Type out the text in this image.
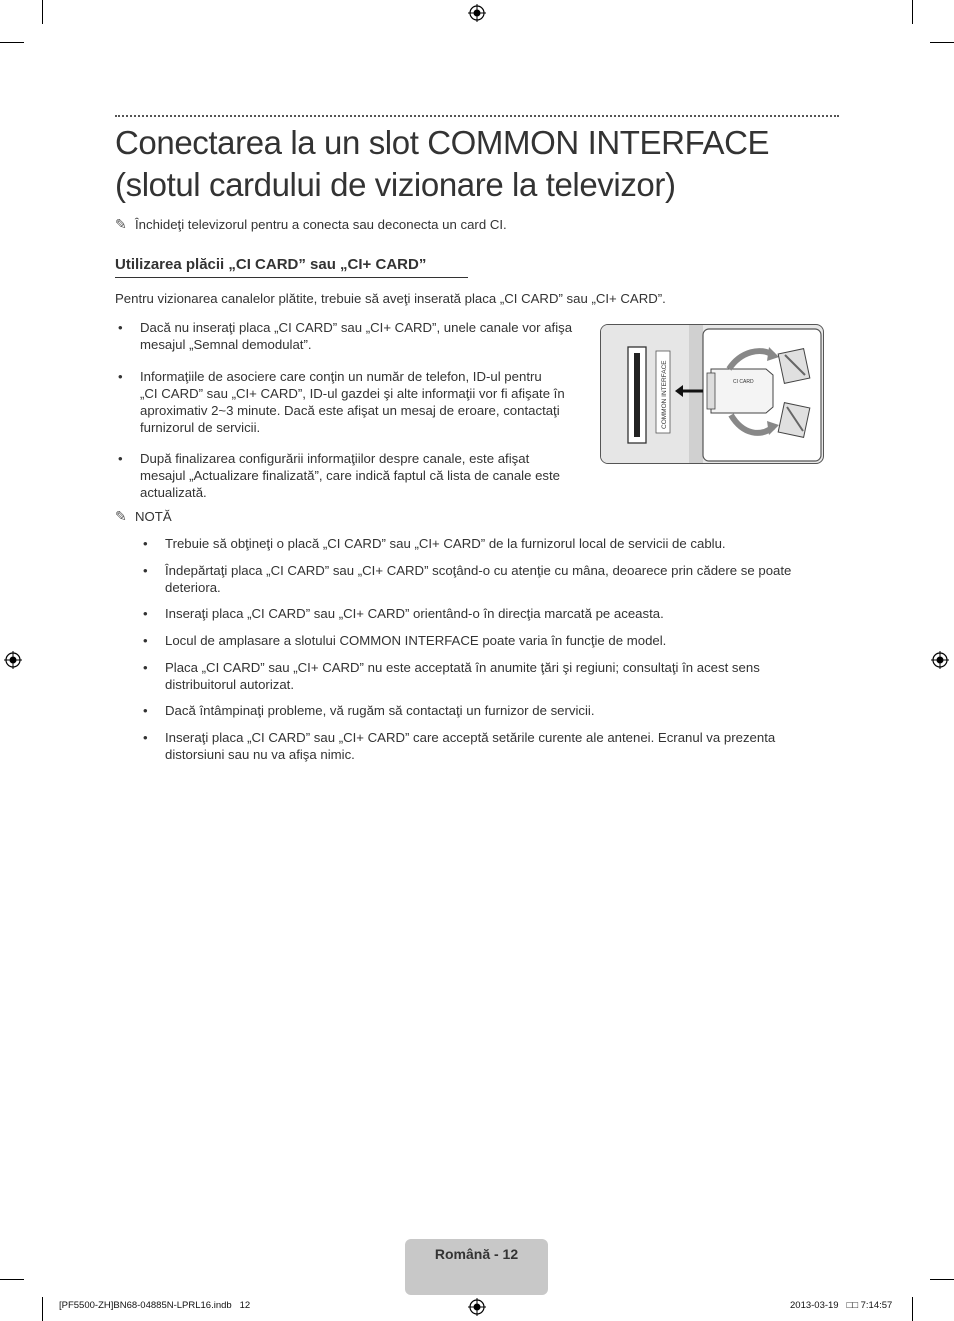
Conectarea la un slot COMMON INTERFACE (slotul cardului de vizionare la televizor)
✎ Închideţi televizorul pentru a conecta sau deconecta un card CI.
Utilizarea plăcii „CI CARD” sau „CI+ CARD”
Pentru vizionarea canalelor plătite, trebuie să aveţi inserată placa „CI CARD” sau „CI+ CARD”.
• Dacă nu inseraţi placa „CI CARD” sau „CI+ CARD”, unele canale vor afişa
mesajul „Semnal demodulat”.
• Informaţiile de asociere care conţin un număr de telefon, ID-ul pentru
„CI CARD” sau „CI+ CARD”, ID-ul gazdei şi alte informaţii vor fi afişate în
aproximativ 2~3 minute. Dacă este afişat un mesaj de eroare, contactaţi
furnizorul de servicii.
• După finalizarea configurării informaţiilor despre canale, este afişat
mesajul „Actualizare finalizată”, care indică faptul că lista de canale este
actualizată.
COMMON INTERFACE	CI CARD
✎ NOTĂ
• Trebuie să obţineţi o placă „CI CARD” sau „CI+ CARD” de la furnizorul local de servicii de cablu.
• Îndepărtaţi placa „CI CARD” sau „CI+ CARD” scoţând-o cu atenţie cu mâna, deoarece prin cădere se poate
deteriora.
• Inseraţi placa „CI CARD” sau „CI+ CARD” orientând-o în direcţia marcată pe aceasta.
• Locul de amplasare a slotului COMMON INTERFACE poate varia în funcţie de model.
• Placa „CI CARD” sau „CI+ CARD” nu este acceptată în anumite ţări şi regiuni; consultaţi în acest sens
distribuitorul autorizat.
• Dacă întâmpinaţi probleme, vă rugăm să contactaţi un furnizor de servicii.
• Inseraţi placa „CI CARD” sau „CI+ CARD” care acceptă setările curente ale antenei. Ecranul va prezenta
distorsiuni sau nu va afişa nimic.
Română - 12
[PF5500-ZH]BN68-04885N-LPRL16.indb   12	2013-03-19   □□ 7:14:57
